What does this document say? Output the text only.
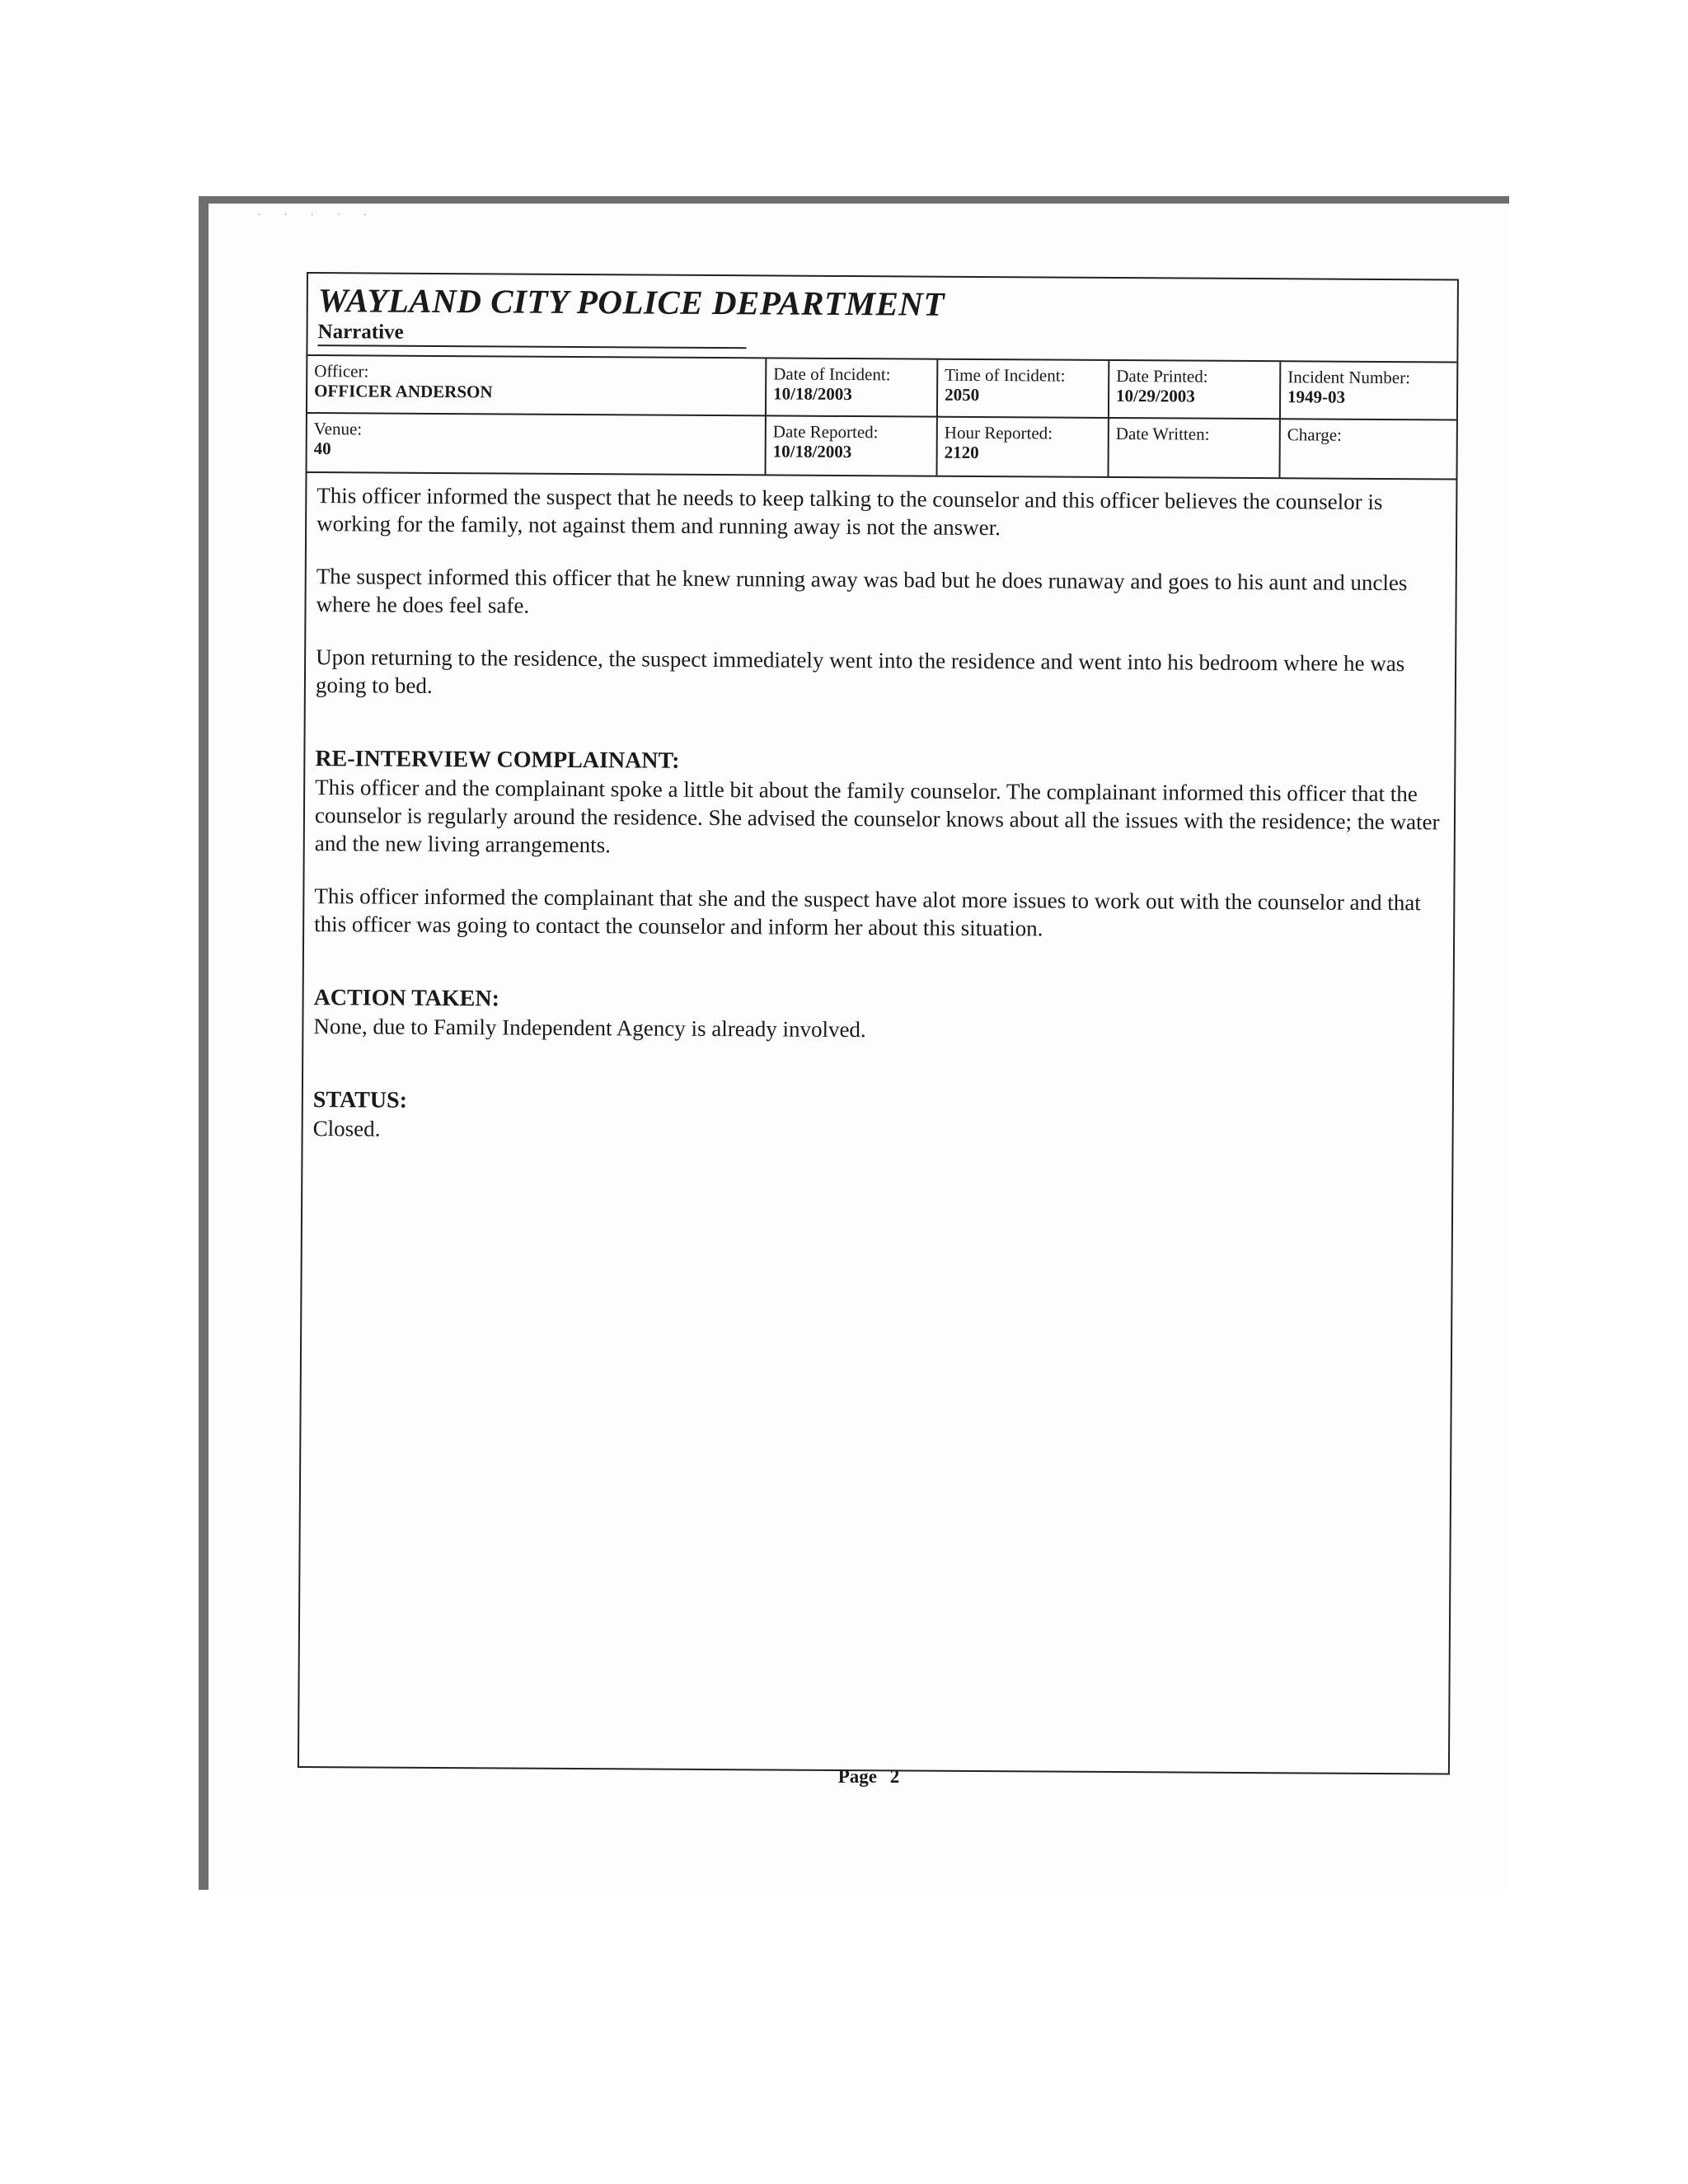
· · · · ·
WAYLAND CITY POLICE DEPARTMENT
Narrative
Officer:
OFFICER ANDERSON
Date of Incident:
10/18/2003
Time of Incident:
2050
Date Printed:
10/29/2003
Incident Number:
1949-03
Venue:
40
Date Reported:
10/18/2003
Hour Reported:
2120
Date Written:	Charge:

This officer informed the suspect that he needs to keep talking to the counselor and this officer believes the counselor is working for the family, not against them and running away is not the answer.

The suspect informed this officer that he knew running away was bad but he does runaway and goes to his aunt and uncles where he does feel safe.

Upon returning to the residence, the suspect immediately went into the residence and went into his bedroom where he was going to bed.

RE-INTERVIEW COMPLAINANT:

This officer and the complainant spoke a little bit about the family counselor. The complainant informed this officer that the counselor is regularly around the residence. She advised the counselor knows about all the issues with the residence; the water and the new living arrangements.

This officer informed the complainant that she and the suspect have alot more issues to work out with the counselor and that this officer was going to contact the counselor and inform her about this situation.

ACTION TAKEN:
None, due to Family Independent Agency is already involved.
STATUS:
Closed.
Page 2
